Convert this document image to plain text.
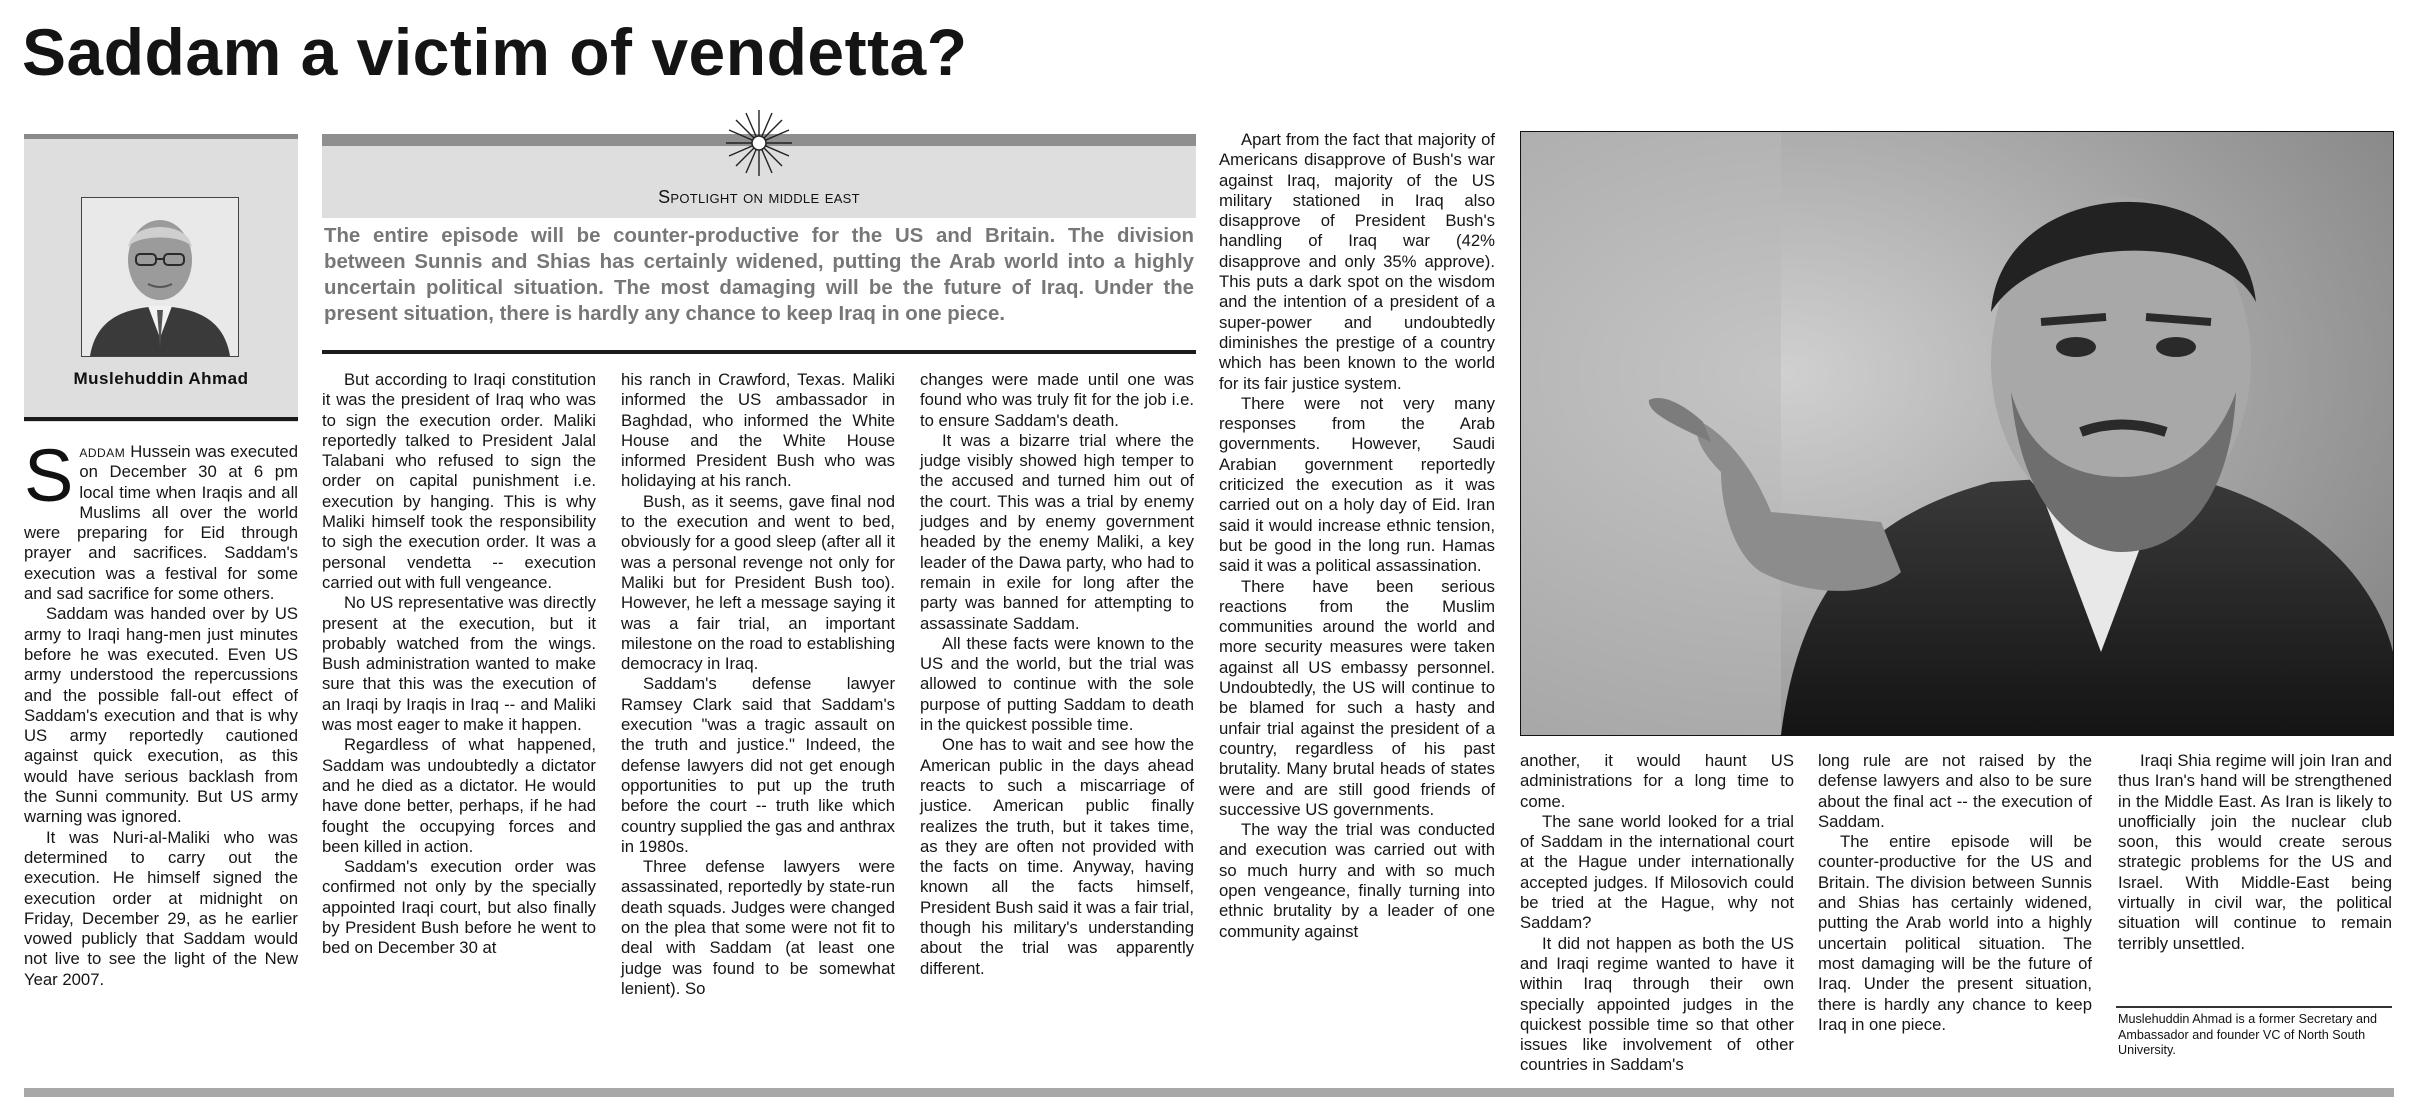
Saddam a victim of vendetta?
Muslehuddin Ahmad
Spotlight on middle east
The entire episode will be counter-productive for the US and Britain. The division between Sunnis and Shias has certainly widened, putting the Arab world into a highly uncertain political situation. The most damaging will be the future of Iraq. Under the present situation, there is hardly any chance to keep Iraq in one piece.

Saddam Hussein was executed on December 30 at 6 pm local time when Iraqis and all Muslims all over the world were preparing for Eid through prayer and sacrifices. Saddam's execution was a festival for some and sad sacrifice for some others.

Saddam was handed over by US army to Iraqi hang-men just minutes before he was executed. Even US army understood the repercussions and the possible fall-out effect of Saddam's execution and that is why US army reportedly cautioned against quick execution, as this would have serious backlash from the Sunni community. But US army warning was ignored.

It was Nuri-al-Maliki who was determined to carry out the execution. He himself signed the execution order at midnight on Friday, December 29, as he earlier vowed publicly that Saddam would not live to see the light of the New Year 2007.

But according to Iraqi constitution it was the president of Iraq who was to sign the execution order. Maliki reportedly talked to President Jalal Talabani who refused to sign the order on capital punishment i.e. execution by hanging. This is why Maliki himself took the responsibility to sigh the execution order. It was a personal vendetta -- execution carried out with full vengeance.

No US representative was directly present at the execution, but it probably watched from the wings. Bush administration wanted to make sure that this was the execution of an Iraqi by Iraqis in Iraq -- and Maliki was most eager to make it happen.

Regardless of what happened, Saddam was undoubtedly a dictator and he died as a dictator. He would have done better, perhaps, if he had fought the occupying forces and been killed in action.

Saddam's execution order was confirmed not only by the specially appointed Iraqi court, but also finally by President Bush before he went to bed on December 30 at

his ranch in Crawford, Texas. Maliki informed the US ambassador in Baghdad, who informed the White House and the White House informed President Bush who was holidaying at his ranch.

Bush, as it seems, gave final nod to the execution and went to bed, obviously for a good sleep (after all it was a personal revenge not only for Maliki but for President Bush too). However, he left a message saying it was a fair trial, an important milestone on the road to establishing democracy in Iraq.

Saddam's defense lawyer Ramsey Clark said that Saddam's execution "was a tragic assault on the truth and justice." Indeed, the defense lawyers did not get enough opportunities to put up the truth before the court -- truth like which country supplied the gas and anthrax in 1980s.

Three defense lawyers were assassinated, reportedly by state-run death squads. Judges were changed on the plea that some were not fit to deal with Saddam (at least one judge was found to be somewhat lenient). So

changes were made until one was found who was truly fit for the job i.e. to ensure Saddam's death.

It was a bizarre trial where the judge visibly showed high temper to the accused and turned him out of the court. This was a trial by enemy judges and by enemy government headed by the enemy Maliki, a key leader of the Dawa party, who had to remain in exile for long after the party was banned for attempting to assassinate Saddam.

All these facts were known to the US and the world, but the trial was allowed to continue with the sole purpose of putting Saddam to death in the quickest possible time.

One has to wait and see how the American public in the days ahead reacts to such a miscarriage of justice. American public finally realizes the truth, but it takes time, as they are often not provided with the facts on time. Anyway, having known all the facts himself, President Bush said it was a fair trial, though his military's understanding about the trial was apparently different.

Apart from the fact that majority of Americans disapprove of Bush's war against Iraq, majority of the US military stationed in Iraq also disapprove of President Bush's handling of Iraq war (42% disapprove and only 35% approve). This puts a dark spot on the wisdom and the intention of a president of a super-power and undoubtedly diminishes the prestige of a country which has been known to the world for its fair justice system.

There were not very many responses from the Arab governments. However, Saudi Arabian government reportedly criticized the execution as it was carried out on a holy day of Eid. Iran said it would increase ethnic tension, but be good in the long run. Hamas said it was a political assassination.

There have been serious reactions from the Muslim communities around the world and more security measures were taken against all US embassy personnel. Undoubtedly, the US will continue to be blamed for such a hasty and unfair trial against the president of a country, regardless of his past brutality. Many brutal heads of states were and are still good friends of successive US governments.

The way the trial was conducted and execution was carried out with so much hurry and with so much open vengeance, finally turning into ethnic brutality by a leader of one community against

another, it would haunt US administrations for a long time to come.

The sane world looked for a trial of Saddam in the international court at the Hague under internationally accepted judges. If Milosovich could be tried at the Hague, why not Saddam?

It did not happen as both the US and Iraqi regime wanted to have it within Iraq through their own specially appointed judges in the quickest possible time so that other issues like involvement of other countries in Saddam's

long rule are not raised by the defense lawyers and also to be sure about the final act -- the execution of Saddam.

The entire episode will be counter-productive for the US and Britain. The division between Sunnis and Shias has certainly widened, putting the Arab world into a highly uncertain political situation. The most damaging will be the future of Iraq. Under the present situation, there is hardly any chance to keep Iraq in one piece.

Iraqi Shia regime will join Iran and thus Iran's hand will be strengthened in the Middle East. As Iran is likely to unofficially join the nuclear club soon, this would create serous strategic problems for the US and Israel. With Middle-East being virtually in civil war, the political situation will continue to remain terribly unsettled.

Muslehuddin Ahmad is a former Secretary and Ambassador and founder VC of North South University.
